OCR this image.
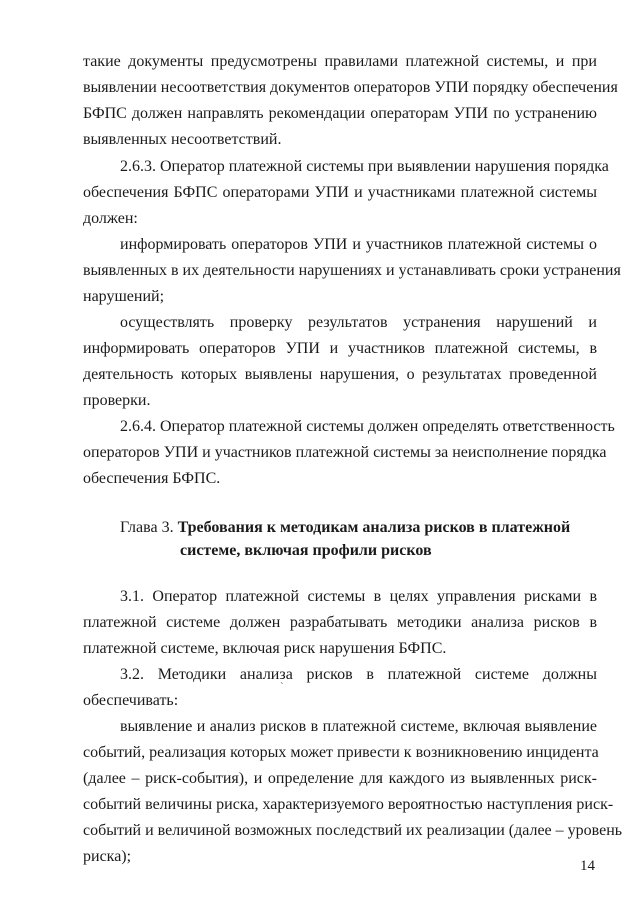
такие документы предусмотрены правилами платежной системы, и при
выявлении несоответствия документов операторов УПИ порядку обеспечения
БФПС должен направлять рекомендации операторам УПИ по устранению
выявленных несоответствий.
2.6.3. Оператор платежной системы при выявлении нарушения порядка
обеспечения БФПС операторами УПИ и участниками платежной системы
должен:
информировать операторов УПИ и участников платежной системы о
выявленных в их деятельности нарушениях и устанавливать сроки устранения
нарушений;
осуществлять проверку результатов устранения нарушений и
информировать операторов УПИ и участников платежной системы, в
деятельность которых выявлены нарушения, о результатах проведенной
проверки.
2.6.4. Оператор платежной системы должен определять ответственность
операторов УПИ и участников платежной системы за неисполнение порядка
обеспечения БФПС.
Глава 3. Требования к методикам анализа рисков в платежной
системе, включая профили рисков
3.1. Оператор платежной системы в целях управления рисками в
платежной системе должен разрабатывать методики анализа рисков в
платежной системе, включая риск нарушения БФПС.
3.2. Методики анализа рисков в платежной системе должны
обеспечивать:
`
выявление и анализ рисков в платежной системе, включая выявление
событий, реализация которых может привести к возникновению инцидента
(далее – риск-события), и определение для каждого из выявленных риск-
событий величины риска, характеризуемого вероятностью наступления риск-
событий и величиной возможных последствий их реализации (далее – уровень
риска);
14
